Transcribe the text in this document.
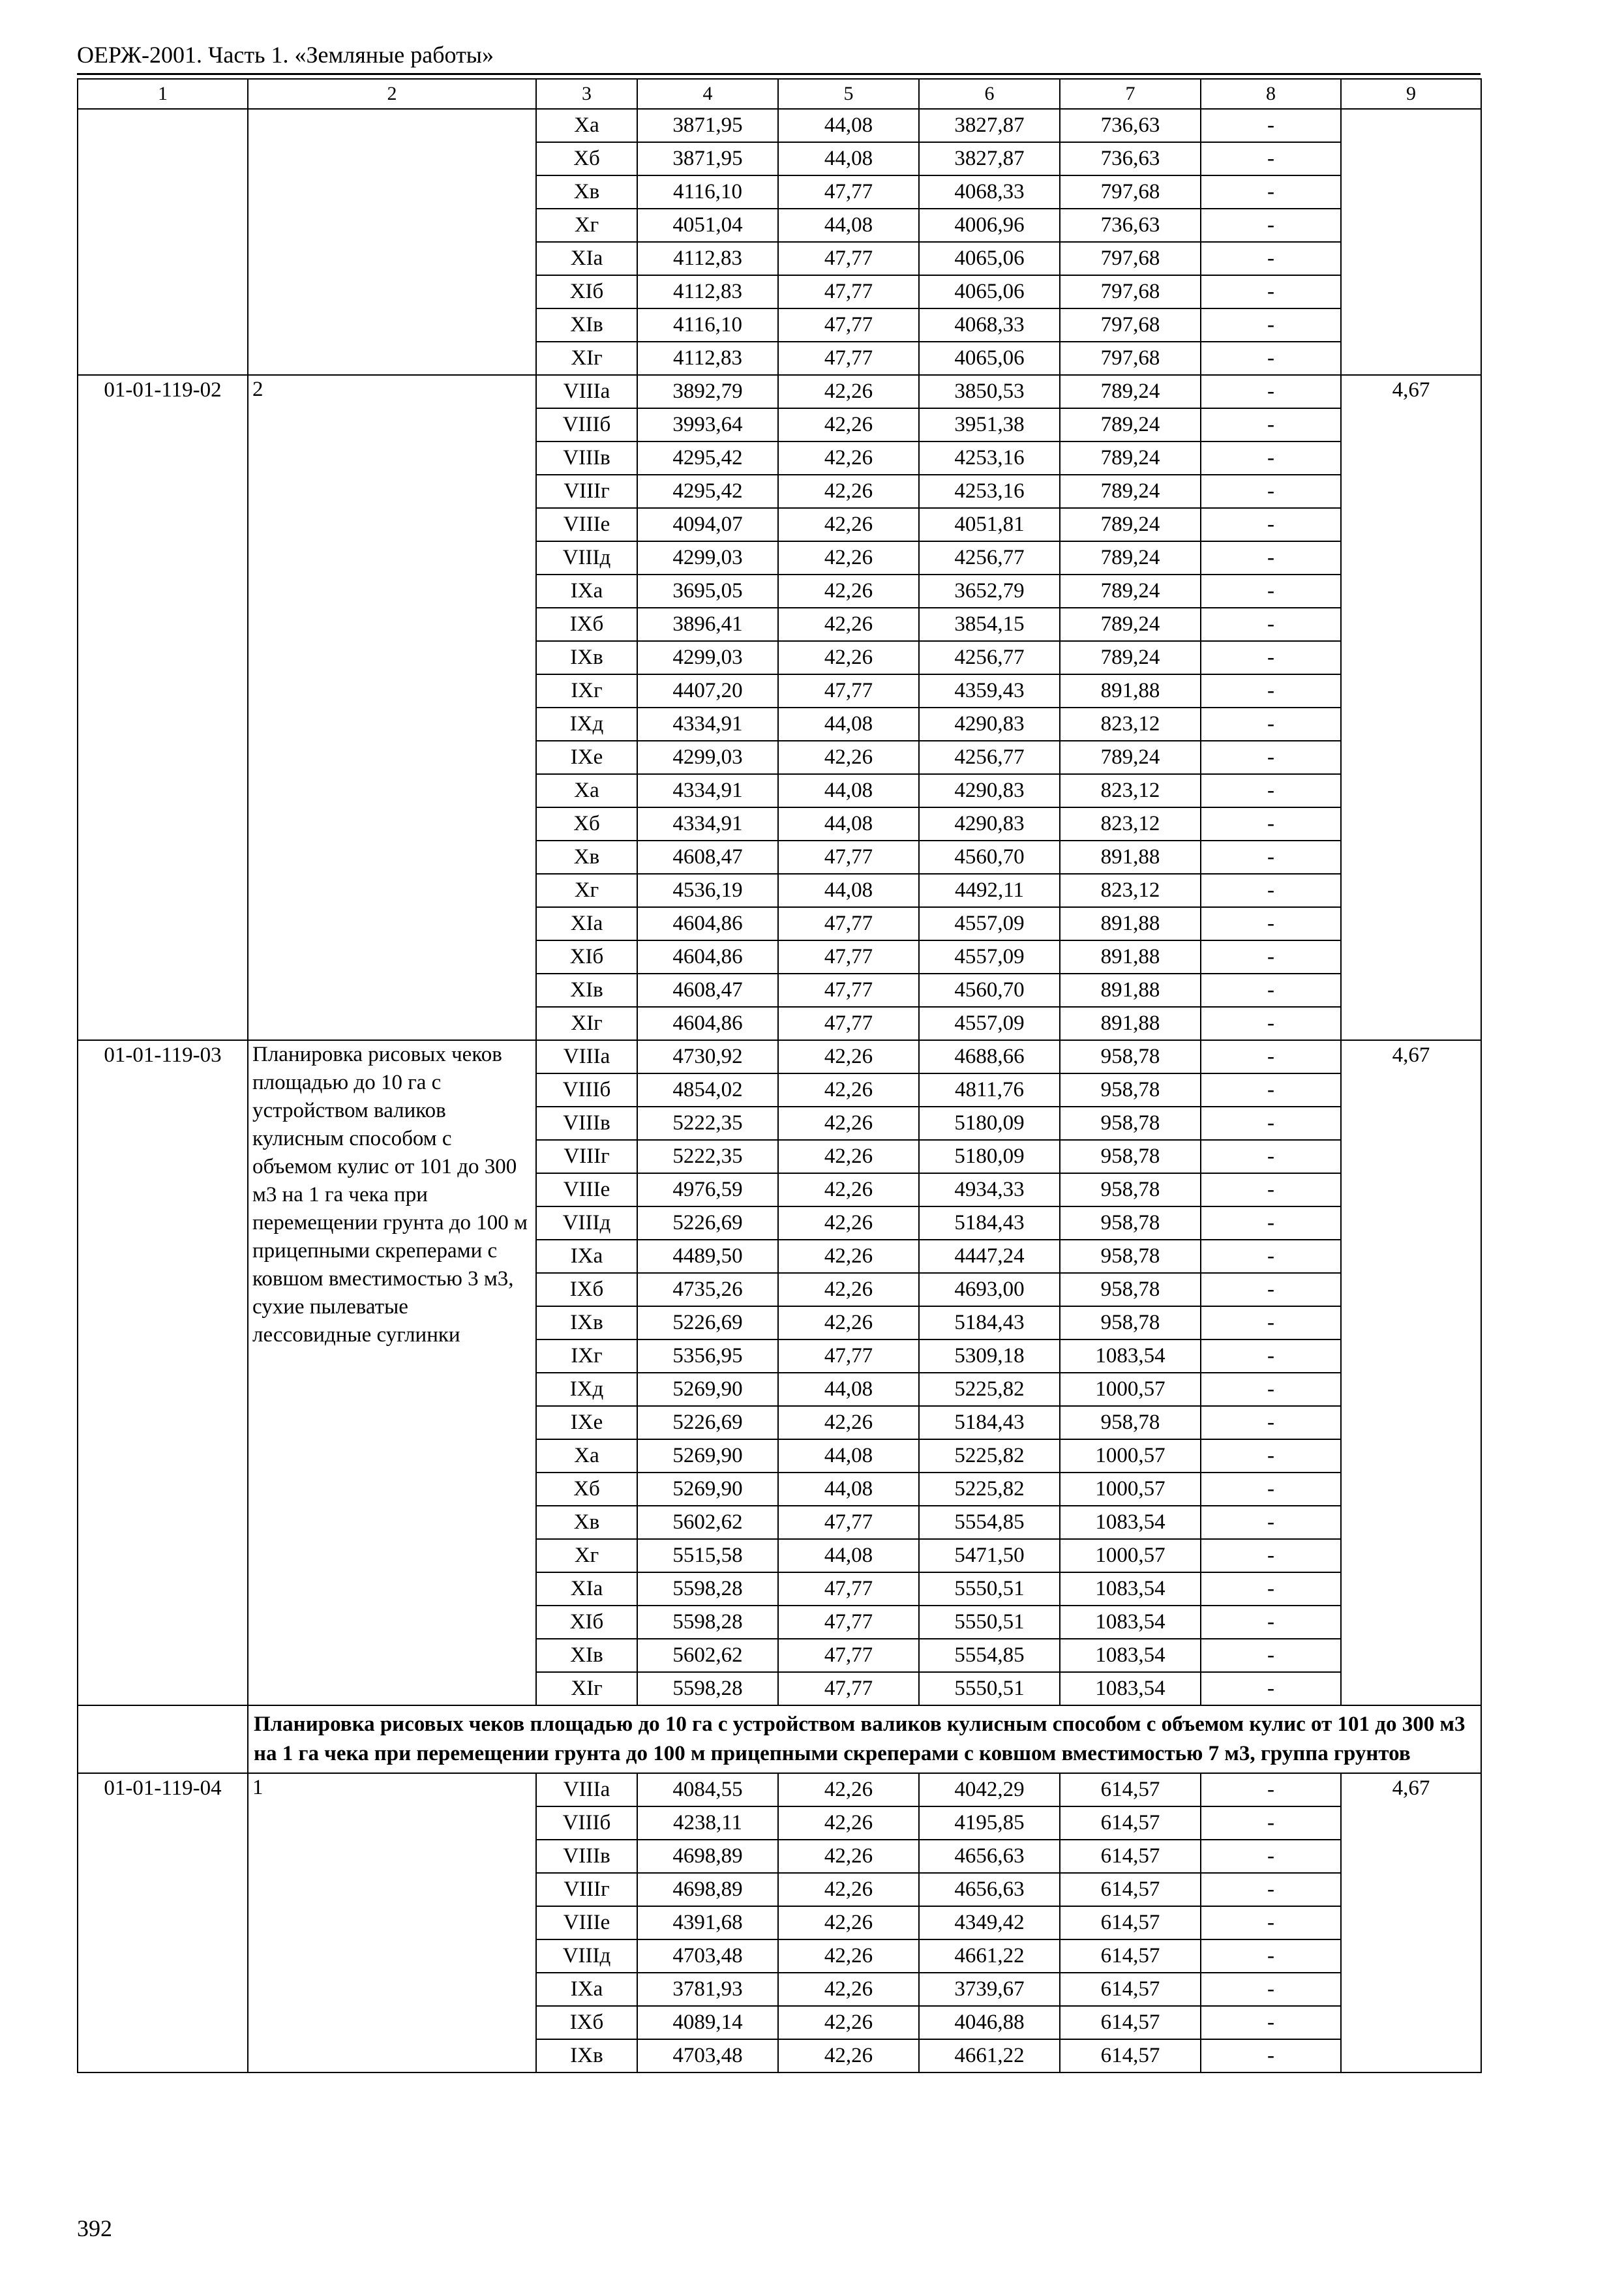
ОЕРЖ-2001. Часть 1. «Земляные работы»
1	2	3	4	5	6	7	8	9
		Xa	3871,95	44,08	3827,87	736,63	-	
		Xб	3871,95	44,08	3827,87	736,63	-	
		Xв	4116,10	47,77	4068,33	797,68	-	
		Xг	4051,04	44,08	4006,96	736,63	-	
		XIa	4112,83	47,77	4065,06	797,68	-	
		XIб	4112,83	47,77	4065,06	797,68	-	
		XIв	4116,10	47,77	4068,33	797,68	-	
		XIг	4112,83	47,77	4065,06	797,68	-	
01-01-119-02	2	VIIIa	3892,79	42,26	3850,53	789,24	-	4,67
		VIIIб	3993,64	42,26	3951,38	789,24	-	
		VIIIв	4295,42	42,26	4253,16	789,24	-	
		VIIIг	4295,42	42,26	4253,16	789,24	-	
		VIIIe	4094,07	42,26	4051,81	789,24	-	
		VIIIд	4299,03	42,26	4256,77	789,24	-	
		IXa	3695,05	42,26	3652,79	789,24	-	
		IXб	3896,41	42,26	3854,15	789,24	-	
		IXв	4299,03	42,26	4256,77	789,24	-	
		IXг	4407,20	47,77	4359,43	891,88	-	
		IXд	4334,91	44,08	4290,83	823,12	-	
		IXe	4299,03	42,26	4256,77	789,24	-	
		Xa	4334,91	44,08	4290,83	823,12	-	
		Xб	4334,91	44,08	4290,83	823,12	-	
		Xв	4608,47	47,77	4560,70	891,88	-	
		Xг	4536,19	44,08	4492,11	823,12	-	
		XIa	4604,86	47,77	4557,09	891,88	-	
		XIб	4604,86	47,77	4557,09	891,88	-	
		XIв	4608,47	47,77	4560,70	891,88	-	
		XIг	4604,86	47,77	4557,09	891,88	-	
01-01-119-03	Планировка рисовых чеков площадью до 10 га с устройством валиков кулисным способом с объемом кулис от 101 до 300 м3 на 1 га чека при перемещении грунта до 100 м прицепными скреперами с ковшом вместимостью 3 м3, сухие пылеватые лессовидные суглинки	VIIIa	4730,92	42,26	4688,66	958,78	-	4,67
		VIIIб	4854,02	42,26	4811,76	958,78	-	
		VIIIв	5222,35	42,26	5180,09	958,78	-	
		VIIIг	5222,35	42,26	5180,09	958,78	-	
		VIIIe	4976,59	42,26	4934,33	958,78	-	
		VIIIд	5226,69	42,26	5184,43	958,78	-	
		IXa	4489,50	42,26	4447,24	958,78	-	
		IXб	4735,26	42,26	4693,00	958,78	-	
		IXв	5226,69	42,26	5184,43	958,78	-	
		IXг	5356,95	47,77	5309,18	1083,54	-	
		IXд	5269,90	44,08	5225,82	1000,57	-	
		IXe	5226,69	42,26	5184,43	958,78	-	
		Xa	5269,90	44,08	5225,82	1000,57	-	
		Xб	5269,90	44,08	5225,82	1000,57	-	
		Xв	5602,62	47,77	5554,85	1083,54	-	
		Xг	5515,58	44,08	5471,50	1000,57	-	
		XIa	5598,28	47,77	5550,51	1083,54	-	
		XIб	5598,28	47,77	5550,51	1083,54	-	
		XIв	5602,62	47,77	5554,85	1083,54	-	
		XIг	5598,28	47,77	5550,51	1083,54	-	
	Планировка рисовых чеков площадью до 10 га с устройством валиков кулисным способом с объемом кулис от 101 до 300 м3 на 1 га чека при перемещении грунта до 100 м прицепными скреперами с ковшом вместимостью 7 м3, группа грунтов							
01-01-119-04	1	VIIIa	4084,55	42,26	4042,29	614,57	-	4,67
		VIIIб	4238,11	42,26	4195,85	614,57	-	
		VIIIв	4698,89	42,26	4656,63	614,57	-	
		VIIIг	4698,89	42,26	4656,63	614,57	-	
		VIIIe	4391,68	42,26	4349,42	614,57	-	
		VIIIд	4703,48	42,26	4661,22	614,57	-	
		IXa	3781,93	42,26	3739,67	614,57	-	
		IXб	4089,14	42,26	4046,88	614,57	-	
		IXв	4703,48	42,26	4661,22	614,57	-	
392
